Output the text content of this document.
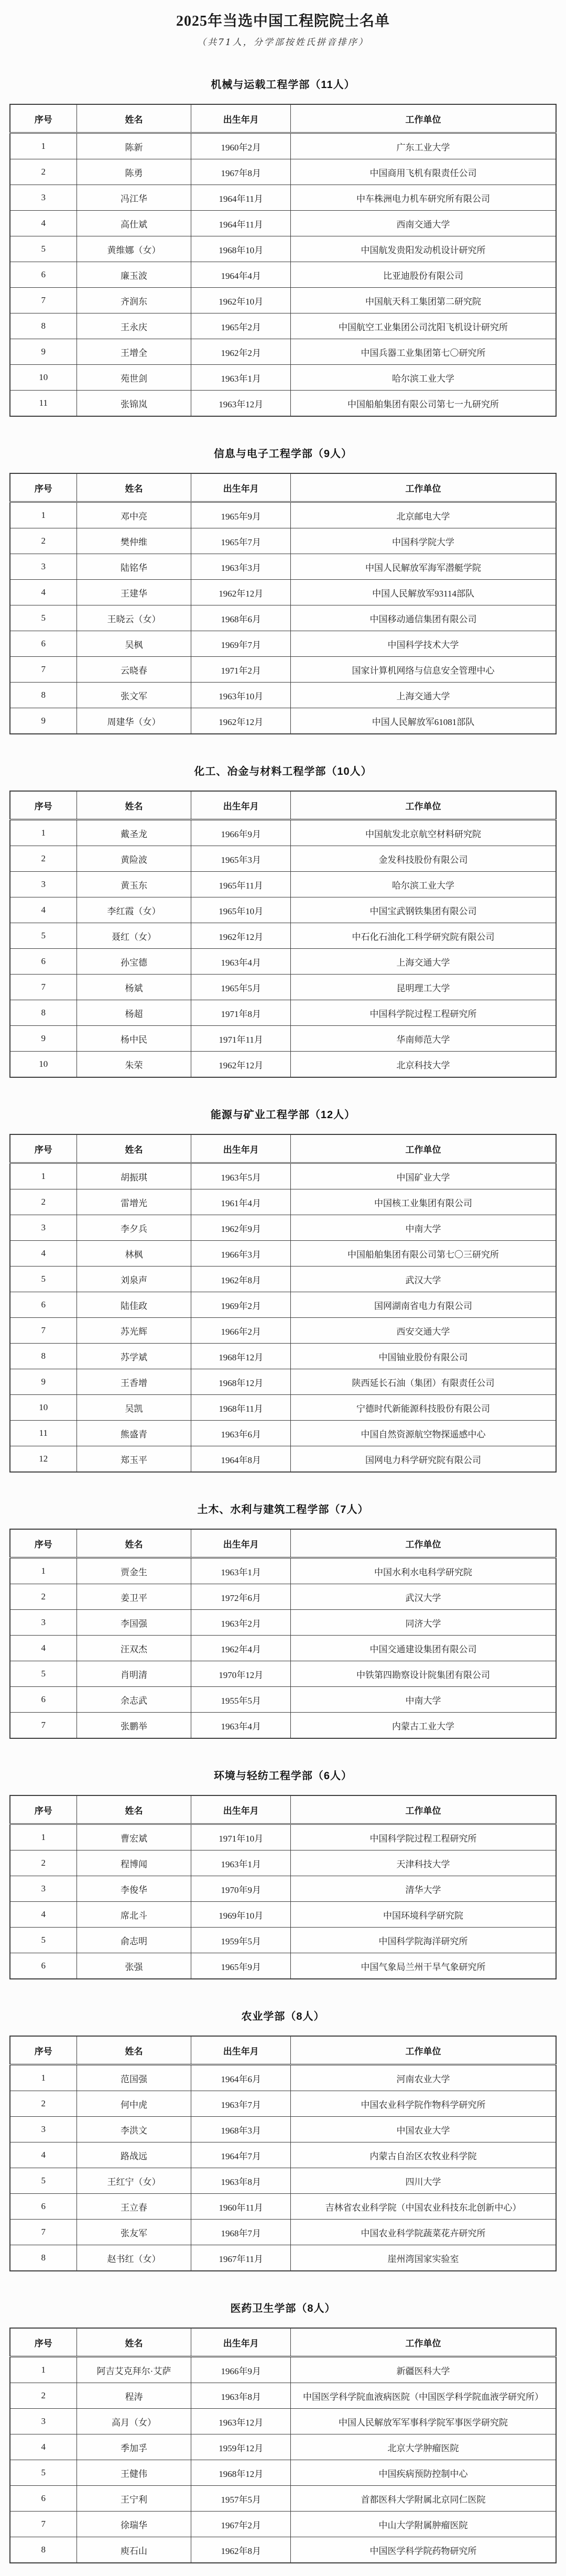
2025年当选中国工程院院士名单
（共71人，分学部按姓氏拼音排序）
机械与运载工程学部（11人）
序号	姓名	出生年月	工作单位
1	陈新	1960年2月	广东工业大学
2	陈勇	1967年8月	中国商用飞机有限责任公司
3	冯江华	1964年11月	中车株洲电力机车研究所有限公司
4	高仕斌	1964年11月	西南交通大学
5	黄维娜（女）	1968年10月	中国航发贵阳发动机设计研究所
6	廉玉波	1964年4月	比亚迪股份有限公司
7	齐润东	1962年10月	中国航天科工集团第二研究院
8	王永庆	1965年2月	中国航空工业集团公司沈阳飞机设计研究所
9	王增全	1962年2月	中国兵器工业集团第七〇研究所
10	苑世剑	1963年1月	哈尔滨工业大学
11	张锦岚	1963年12月	中国船舶集团有限公司第七一九研究所
信息与电子工程学部（9人）
序号	姓名	出生年月	工作单位
1	邓中亮	1965年9月	北京邮电大学
2	樊仲维	1965年7月	中国科学院大学
3	陆铭华	1963年3月	中国人民解放军海军潜艇学院
4	王建华	1962年12月	中国人民解放军93114部队
5	王晓云（女）	1968年6月	中国移动通信集团有限公司
6	吴枫	1969年7月	中国科学技术大学
7	云晓春	1971年2月	国家计算机网络与信息安全管理中心
8	张文军	1963年10月	上海交通大学
9	周建华（女）	1962年12月	中国人民解放军61081部队
化工、冶金与材料工程学部（10人）
序号	姓名	出生年月	工作单位
1	戴圣龙	1966年9月	中国航发北京航空材料研究院
2	黄险波	1965年3月	金发科技股份有限公司
3	黄玉东	1965年11月	哈尔滨工业大学
4	李红霞（女）	1965年10月	中国宝武钢铁集团有限公司
5	聂红（女）	1962年12月	中石化石油化工科学研究院有限公司
6	孙宝德	1963年4月	上海交通大学
7	杨斌	1965年5月	昆明理工大学
8	杨超	1971年8月	中国科学院过程工程研究所
9	杨中民	1971年11月	华南师范大学
10	朱荣	1962年12月	北京科技大学
能源与矿业工程学部（12人）
序号	姓名	出生年月	工作单位
1	胡振琪	1963年5月	中国矿业大学
2	雷增光	1961年4月	中国核工业集团有限公司
3	李夕兵	1962年9月	中南大学
4	林枫	1966年3月	中国船舶集团有限公司第七〇三研究所
5	刘泉声	1962年8月	武汉大学
6	陆佳政	1969年2月	国网湖南省电力有限公司
7	苏光辉	1966年2月	西安交通大学
8	苏学斌	1968年12月	中国铀业股份有限公司
9	王香增	1968年12月	陕西延长石油（集团）有限责任公司
10	吴凯	1968年11月	宁德时代新能源科技股份有限公司
11	熊盛青	1963年6月	中国自然资源航空物探遥感中心
12	郑玉平	1964年8月	国网电力科学研究院有限公司
土木、水利与建筑工程学部（7人）
序号	姓名	出生年月	工作单位
1	贾金生	1963年1月	中国水利水电科学研究院
2	姜卫平	1972年6月	武汉大学
3	李国强	1963年2月	同济大学
4	汪双杰	1962年4月	中国交通建设集团有限公司
5	肖明清	1970年12月	中铁第四勘察设计院集团有限公司
6	余志武	1955年5月	中南大学
7	张鹏举	1963年4月	内蒙古工业大学
环境与轻纺工程学部（6人）
序号	姓名	出生年月	工作单位
1	曹宏斌	1971年10月	中国科学院过程工程研究所
2	程博闻	1963年1月	天津科技大学
3	李俊华	1970年9月	清华大学
4	席北斗	1969年10月	中国环境科学研究院
5	俞志明	1959年5月	中国科学院海洋研究所
6	张强	1965年9月	中国气象局兰州干旱气象研究所
农业学部（8人）
序号	姓名	出生年月	工作单位
1	范国强	1964年6月	河南农业大学
2	何中虎	1963年7月	中国农业科学院作物科学研究所
3	李洪文	1968年3月	中国农业大学
4	路战远	1964年7月	内蒙古自治区农牧业科学院
5	王红宁（女）	1963年8月	四川大学
6	王立春	1960年11月	吉林省农业科学院（中国农业科技东北创新中心）
7	张友军	1968年7月	中国农业科学院蔬菜花卉研究所
8	赵书红（女）	1967年11月	崖州湾国家实验室
医药卫生学部（8人）
序号	姓名	出生年月	工作单位
1	阿吉艾克拜尔·艾萨	1966年9月	新疆医科大学
2	程涛	1963年8月	中国医学科学院血液病医院（中国医学科学院血液学研究所）
3	高月（女）	1963年12月	中国人民解放军军事科学院军事医学研究院
4	季加孚	1959年12月	北京大学肿瘤医院
5	王健伟	1968年12月	中国疾病预防控制中心
6	王宁利	1957年5月	首都医科大学附属北京同仁医院
7	徐瑞华	1967年2月	中山大学附属肿瘤医院
8	庾石山	1962年8月	中国医学科学院药物研究所
